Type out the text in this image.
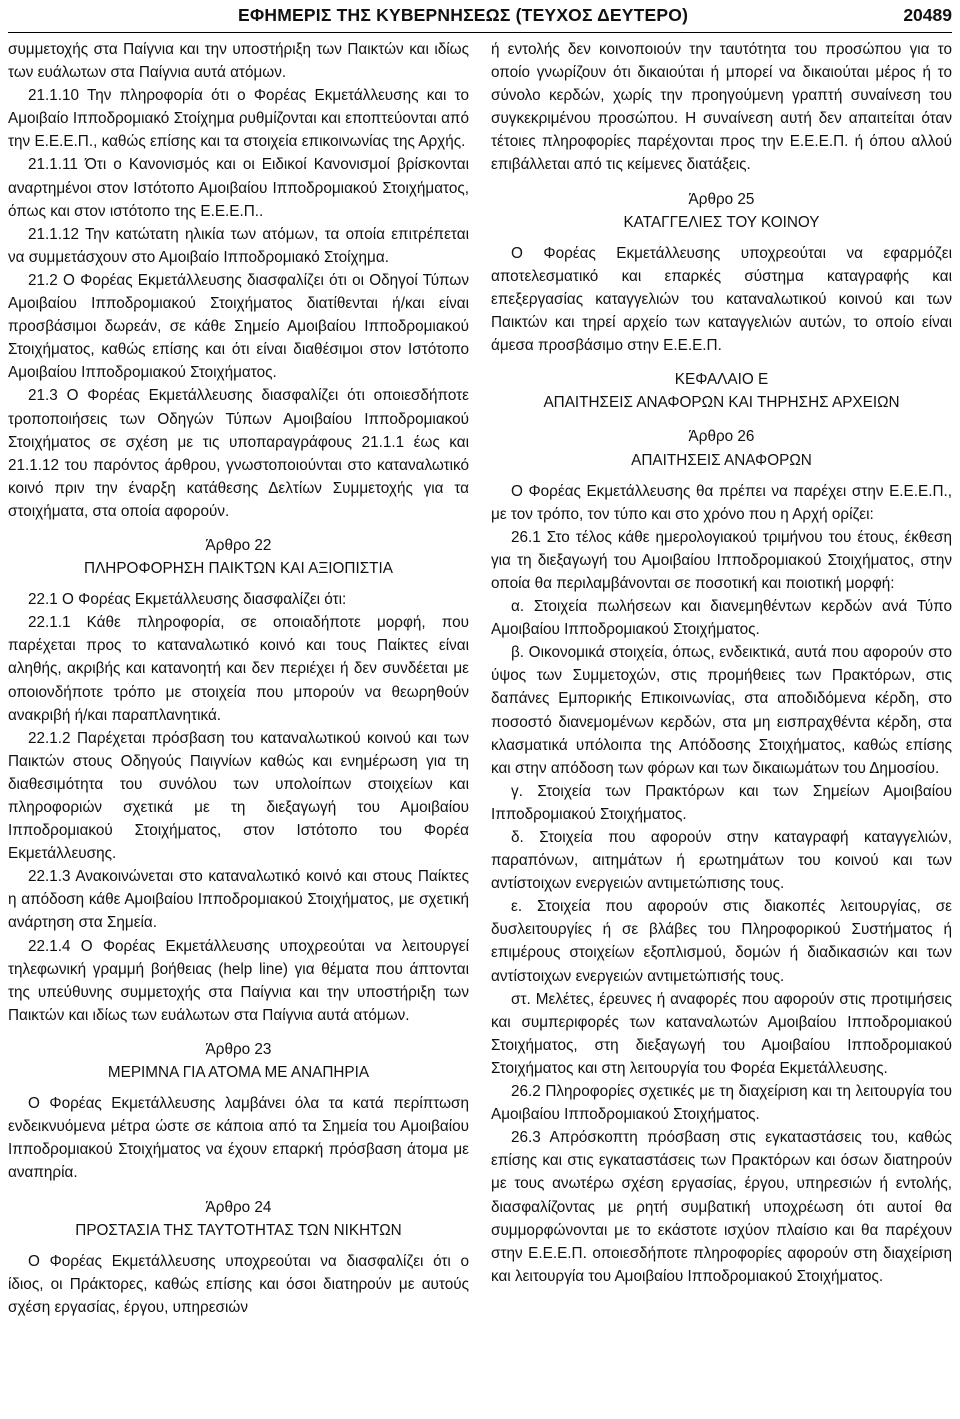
ΕΦΗΜΕΡΙΣ ΤΗΣ ΚΥΒΕΡΝΗΣΕΩΣ (ΤΕΥΧΟΣ ΔΕΥΤΕΡΟ)	20489

συμμετοχής στα Παίγνια και την υποστήριξη των Παικτών και ιδίως των ευάλωτων στα Παίγνια αυτά ατόμων.

21.1.10 Την πληροφορία ότι ο Φορέας Εκμετάλλευσης και το Αμοιβαίο Ιπποδρομιακό Στοίχημα ρυθμίζονται και εποπτεύονται από την Ε.Ε.Ε.Π., καθώς επίσης και τα στοιχεία επικοινωνίας της Αρχής.

21.1.11 Ότι ο Κανονισμός και οι Ειδικοί Κανονισμοί βρίσκονται αναρτημένοι στον Ιστότοπο Αμοιβαίου Ιπποδρομιακού Στοιχήματος, όπως και στον ιστότοπο της Ε.Ε.Ε.Π..

21.1.12 Την κατώτατη ηλικία των ατόμων, τα οποία επιτρέπεται να συμμετάσχουν στο Αμοιβαίο Ιπποδρομιακό Στοίχημα.

21.2 Ο Φορέας Εκμετάλλευσης διασφαλίζει ότι οι Οδηγοί Τύπων Αμοιβαίου Ιπποδρομιακού Στοιχήματος διατίθενται ή/και είναι προσβάσιμοι δωρεάν, σε κάθε Σημείο Αμοιβαίου Ιπποδρομιακού Στοιχήματος, καθώς επίσης και ότι είναι διαθέσιμοι στον Ιστότοπο Αμοιβαίου Ιπποδρομιακού Στοιχήματος.

21.3 Ο Φορέας Εκμετάλλευσης διασφαλίζει ότι οποιεσδήποτε τροποποιήσεις των Οδηγών Τύπων Αμοιβαίου Ιπποδρομιακού Στοιχήματος σε σχέση με τις υποπαραγράφους 21.1.1 έως και 21.1.12 του παρόντος άρθρου, γνωστοποιούνται στο καταναλωτικό κοινό πριν την έναρξη κατάθεσης Δελτίων Συμμετοχής για τα στοιχήματα, στα οποία αφορούν.

Άρθρο 22
ΠΛΗΡΟΦΟΡΗΣΗ ΠΑΙΚΤΩΝ ΚΑΙ ΑΞΙΟΠΙΣΤΙΑ

22.1 Ο Φορέας Εκμετάλλευσης διασφαλίζει ότι:

22.1.1 Κάθε πληροφορία, σε οποιαδήποτε μορφή, που παρέχεται προς το καταναλωτικό κοινό και τους Παίκτες είναι αληθής, ακριβής και κατανοητή και δεν περιέχει ή δεν συνδέεται με οποιονδήποτε τρόπο με στοιχεία που μπορούν να θεωρηθούν ανακριβή ή/και παραπλανητικά.

22.1.2 Παρέχεται πρόσβαση του καταναλωτικού κοινού και των Παικτών στους Οδηγούς Παιγνίων καθώς και ενημέρωση για τη διαθεσιμότητα του συνόλου των υπολοίπων στοιχείων και πληροφοριών σχετικά με τη διεξαγωγή του Αμοιβαίου Ιπποδρομιακού Στοιχήματος, στον Ιστότοπο του Φορέα Εκμετάλλευσης.

22.1.3 Ανακοινώνεται στο καταναλωτικό κοινό και στους Παίκτες η απόδοση κάθε Αμοιβαίου Ιπποδρομιακού Στοιχήματος, με σχετική ανάρτηση στα Σημεία.

22.1.4 Ο Φορέας Εκμετάλλευσης υποχρεούται να λειτουργεί τηλεφωνική γραμμή βοήθειας (help line) για θέματα που άπτονται της υπεύθυνης συμμετοχής στα Παίγνια και την υποστήριξη των Παικτών και ιδίως των ευάλωτων στα Παίγνια αυτά ατόμων.

Άρθρο 23
ΜΕΡΙΜΝΑ ΓΙΑ ΑΤΟΜΑ ΜΕ ΑΝΑΠΗΡΙΑ

Ο Φορέας Εκμετάλλευσης λαμβάνει όλα τα κατά περίπτωση ενδεικνυόμενα μέτρα ώστε σε κάποια από τα Σημεία του Αμοιβαίου Ιπποδρομιακού Στοιχήματος να έχουν επαρκή πρόσβαση άτομα με αναπηρία.

Άρθρο 24
ΠΡΟΣΤΑΣΙΑ ΤΗΣ ΤΑΥΤΟΤΗΤΑΣ ΤΩΝ ΝΙΚΗΤΩΝ

Ο Φορέας Εκμετάλλευσης υποχρεούται να διασφαλίζει ότι ο ίδιος, οι Πράκτορες, καθώς επίσης και όσοι διατηρούν με αυτούς σχέση εργασίας, έργου, υπηρεσιών

ή εντολής δεν κοινοποιούν την ταυτότητα του προσώπου για το οποίο γνωρίζουν ότι δικαιούται ή μπορεί να δικαιούται μέρος ή το σύνολο κερδών, χωρίς την προηγούμενη γραπτή συναίνεση του συγκεκριμένου προσώπου. Η συναίνεση αυτή δεν απαιτείται όταν τέτοιες πληροφορίες παρέχονται προς την Ε.Ε.Ε.Π. ή όπου αλλού επιβάλλεται από τις κείμενες διατάξεις.

Άρθρο 25
ΚΑΤΑΓΓΕΛΙΕΣ ΤΟΥ ΚΟΙΝΟΥ

Ο Φορέας Εκμετάλλευσης υποχρεούται να εφαρμόζει αποτελεσματικό και επαρκές σύστημα καταγραφής και επεξεργασίας καταγγελιών του καταναλωτικού κοινού και των Παικτών και τηρεί αρχείο των καταγγελιών αυτών, το οποίο είναι άμεσα προσβάσιμο στην Ε.Ε.Ε.Π.

ΚΕΦΑΛΑΙΟ Ε
ΑΠΑΙΤΗΣΕΙΣ ΑΝΑΦΟΡΩΝ ΚΑΙ ΤΗΡΗΣΗΣ ΑΡΧΕΙΩΝ
Άρθρο 26
ΑΠΑΙΤΗΣΕΙΣ ΑΝΑΦΟΡΩΝ

Ο Φορέας Εκμετάλλευσης θα πρέπει να παρέχει στην Ε.Ε.Ε.Π., με τον τρόπο, τον τύπο και στο χρόνο που η Αρχή ορίζει:

26.1 Στο τέλος κάθε ημερολογιακού τριμήνου του έτους, έκθεση για τη διεξαγωγή του Αμοιβαίου Ιπποδρομιακού Στοιχήματος, στην οποία θα περιλαμβάνονται σε ποσοτική και ποιοτική μορφή:

α. Στοιχεία πωλήσεων και διανεμηθέντων κερδών ανά Τύπο Αμοιβαίου Ιπποδρομιακού Στοιχήματος.

β. Οικονομικά στοιχεία, όπως, ενδεικτικά, αυτά που αφορούν στο ύψος των Συμμετοχών, στις προμήθειες των Πρακτόρων, στις δαπάνες Εμπορικής Επικοινωνίας, στα αποδιδόμενα κέρδη, στο ποσοστό διανεμομένων κερδών, στα μη εισπραχθέντα κέρδη, στα κλασματικά υπόλοιπα της Απόδοσης Στοιχήματος, καθώς επίσης και στην απόδοση των φόρων και των δικαιωμάτων του Δημοσίου.

γ. Στοιχεία των Πρακτόρων και των Σημείων Αμοιβαίου Ιπποδρομιακού Στοιχήματος.

δ. Στοιχεία που αφορούν στην καταγραφή καταγγελιών, παραπόνων, αιτημάτων ή ερωτημάτων του κοινού και των αντίστοιχων ενεργειών αντιμετώπισης τους.

ε. Στοιχεία που αφορούν στις διακοπές λειτουργίας, σε δυσλειτουργίες ή σε βλάβες του Πληροφορικού Συστήματος ή επιμέρους στοιχείων εξοπλισμού, δομών ή διαδικασιών και των αντίστοιχων ενεργειών αντιμετώπισής τους.

στ. Μελέτες, έρευνες ή αναφορές που αφορούν στις προτιμήσεις και συμπεριφορές των καταναλωτών Αμοιβαίου Ιπποδρομιακού Στοιχήματος, στη διεξαγωγή του Αμοιβαίου Ιπποδρομιακού Στοιχήματος και στη λειτουργία του Φορέα Εκμετάλλευσης.

26.2 Πληροφορίες σχετικές με τη διαχείριση και τη λειτουργία του Αμοιβαίου Ιπποδρομιακού Στοιχήματος.

26.3 Απρόσκοπτη πρόσβαση στις εγκαταστάσεις του, καθώς επίσης και στις εγκαταστάσεις των Πρακτόρων και όσων διατηρούν με τους ανωτέρω σχέση εργασίας, έργου, υπηρεσιών ή εντολής, διασφαλίζοντας με ρητή συμβατική υποχρέωση ότι αυτοί θα συμμορφώνονται με το εκάστοτε ισχύον πλαίσιο και θα παρέχουν στην Ε.Ε.Ε.Π. οποιεσδήποτε πληροφορίες αφορούν στη διαχείριση και λειτουργία του Αμοιβαίου Ιπποδρομιακού Στοιχήματος.
